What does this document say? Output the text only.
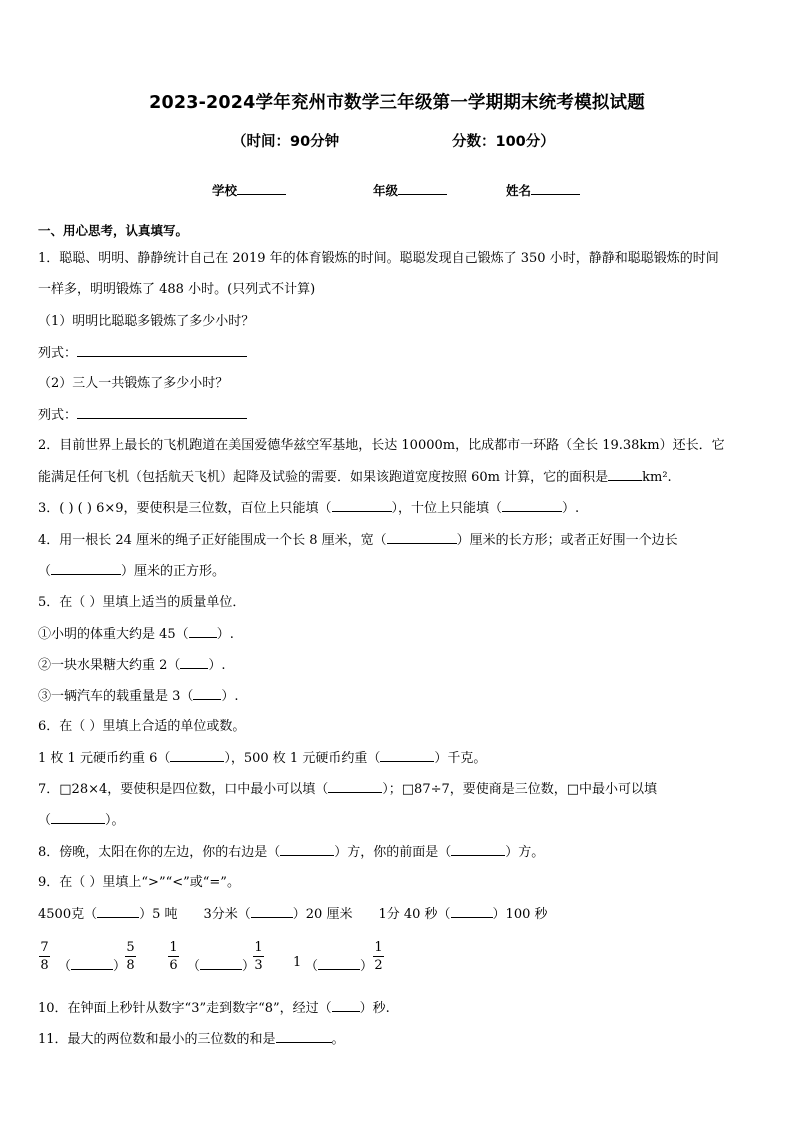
2023-2024学年兖州市数学三年级第一学期期末统考模拟试题
（时间：90分钟	分数：100分）
学校	年级	姓名
一、用心思考，认真填写。
1．聪聪、明明、静静统计自己在 2019 年的体育锻炼的时间。聪聪发现自己锻炼了 350 小时，静静和聪聪锻炼的时间
一样多，明明锻炼了 488 小时。(只列式不计算)
（1）明明比聪聪多锻炼了多少小时？
列式：
（2）三人一共锻炼了多少小时？
列式：
2．目前世界上最长的飞机跑道在美国爱德华兹空军基地，长达 10000m，比成都市一环路（全长 19.38km）还长．它
能满足任何飞机（包括航天飞机）起降及试验的需要．如果该跑道宽度按照 60m 计算，它的面积是	km².
3．( ) ( ) 6×9，要使积是三位数，百位上只能填（	），十位上只能填（	）.
4．用一根长 24 厘米的绳子正好能围成一个长 8 厘米，宽（	）厘米的长方形；或者正好围一个边长
（	）厘米的正方形。
5．在（ ）里填上适当的质量单位．
①小明的体重大约是 45（ ）.
②一块水果糖大约重 2（ ）.
③一辆汽车的载重量是 3（ ）.
6．在（ ）里填上合适的单位或数。
1 枚 1 元硬币约重 6（	），500 枚 1 元硬币约重（	）千克。
7．□28×4，要使积是四位数，口中最小可以填（	）；□87÷7，要使商是三位数，□中最小可以填
（	）。
8．傍晚，太阳在你的左边，你的右边是（	）方，你的前面是（	）方。
9．在（ ）里填上“>”“<”或“=”。
4500克（	）5 吨 3分米（	）20 厘米 1分 40 秒（	）100 秒
7
8 （	）
5
8
1
6 （	）
1
3 1 （	）
1
2
10．在钟面上秒针从数字“3”走到数字“8”，经过（ ）秒.
11．最大的两位数和最小的三位数的和是	。
